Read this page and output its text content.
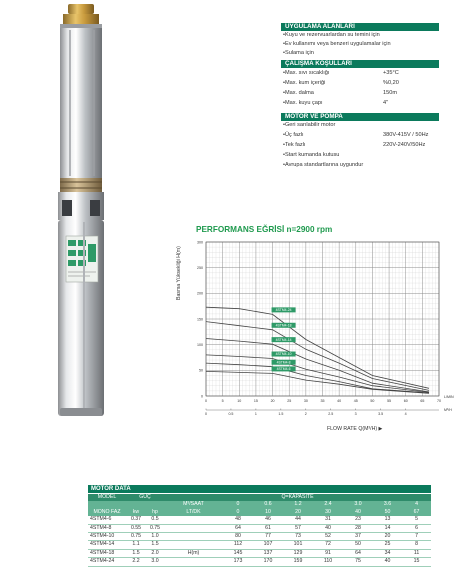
UYGULAMA ALANLARI
•Kuyu ve rezervuarlardan su temini için
•Ev kullanımı veya benzeri uygulamalar için
•Sulama için
ÇALIŞMA KOŞULLARI
•Max. sıvı sıcaklığı	+35°C
•Max. kum içeriği	%0,20
•Max. dalma	150m
•Max. kuyu çapı	4"
MOTOR VE POMPA
•Geri sarılabilir motor
•Üç fazlı	380V-415V / 50Hz
•Tek fazlı	220V-240V/50Hz
•Start kumanda kutusu
•Avrupa standartlarına uygundur
PERFORMANS EĞRİSİ n=2900 rpm
4STM4-24
4STM4-18
4STM4-14
4STM4-10
4STM4-8
4STM4-6
0
50
100
150
200
250
300
0	5	10	15	20	25	30	35	40	45	50	55	60	65	70
0	0.5	1	1.5	2	2.5	3	3.5	4
Basma Yüksekliği H(m)
FLOW RATE Q(M³/H) ▶
L/MIN
M³/H
MOTOR DATA
MODEL	GÜÇ		Q=KAPASİTE							
			M³/SAAT	0	0.6	1.2	2.4	3.0	3.6	4
MONO FAZ	kw	hp	LT/DK	0	10	20	30	40	50	67
4STM4-6	0.37	0.5		48	46	44	31	23	13	5
4STM4-8	0.55	0.75		64	61	57	40	28	14	6
4STM4-10	0.75	1.0		80	77	73	52	37	20	7
4STM4-14	1.1	1.5		112	107	101	72	50	25	8
4STM4-18	1.5	2.0	H(m)	145	137	129	91	64	34	11
4STM4-24	2.2	3.0		173	170	159	110	75	40	15
